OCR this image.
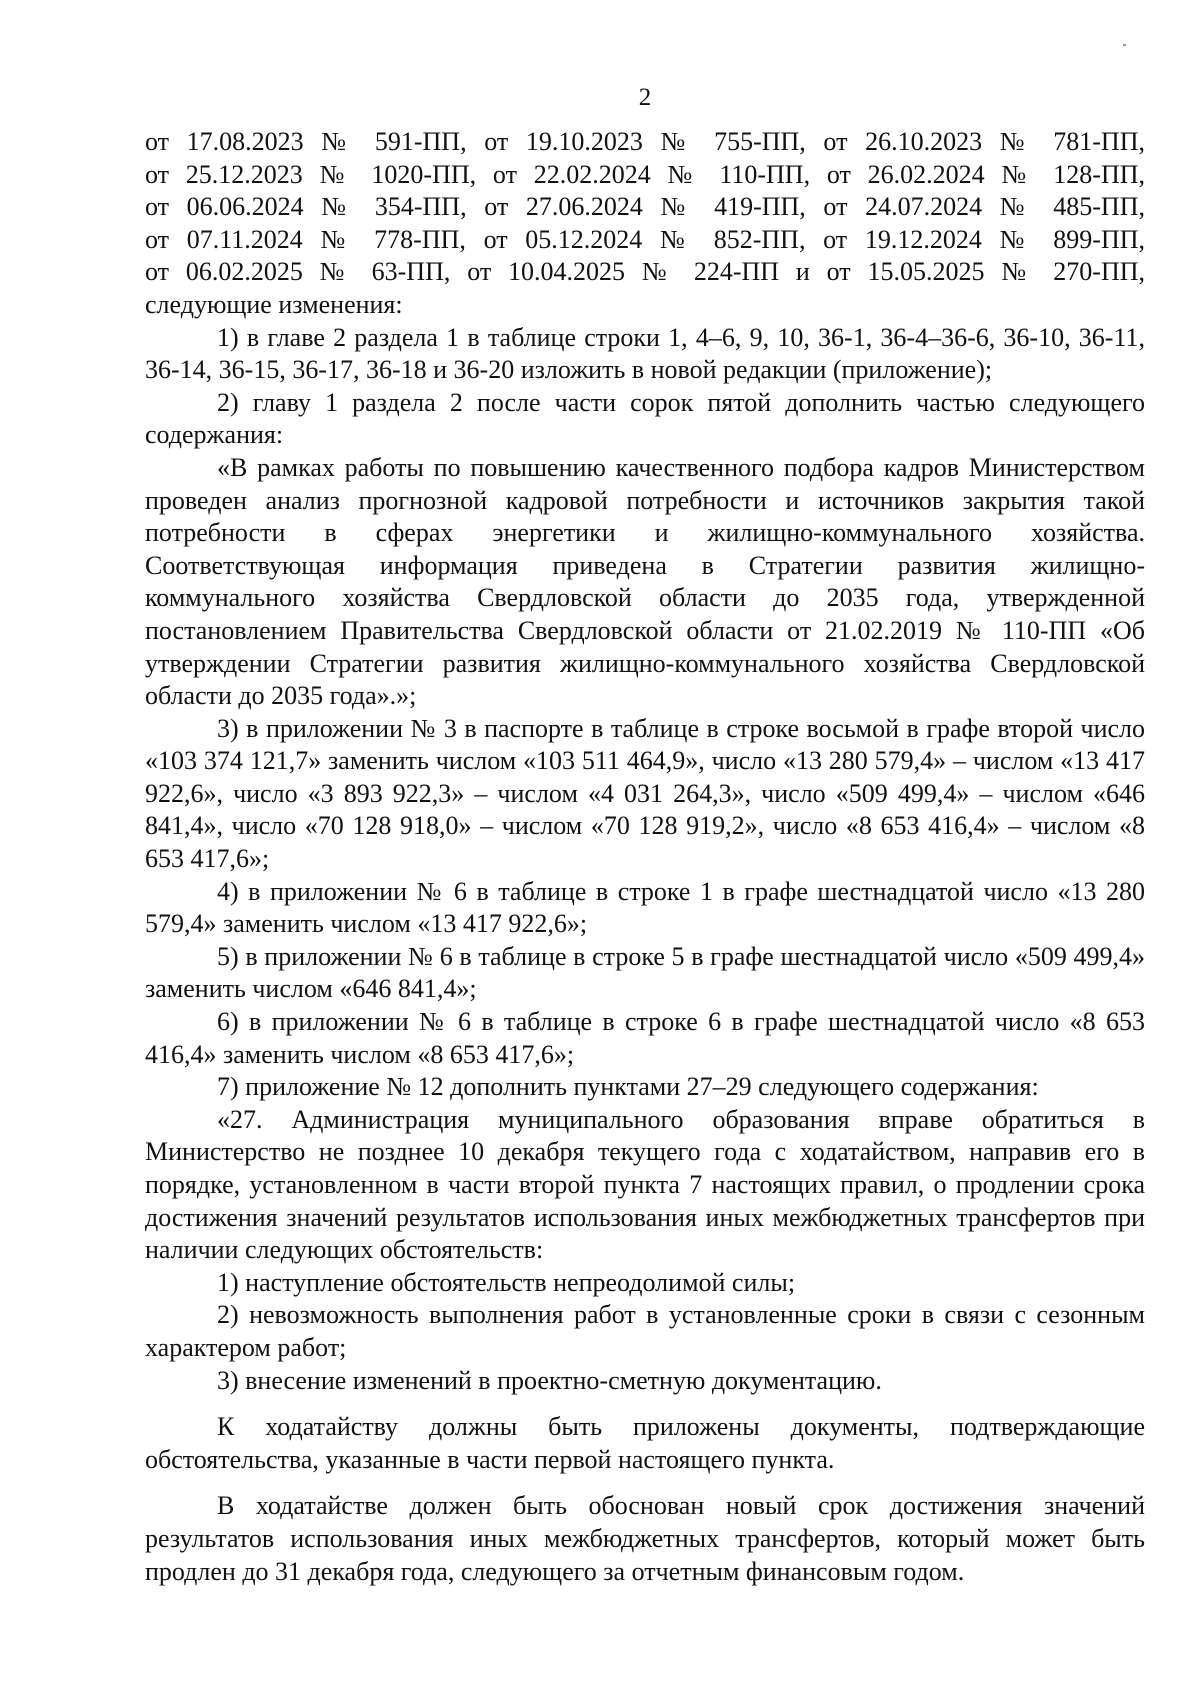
2

от 17.08.2023 № 591-ПП, от 19.10.2023 № 755-ПП, от 26.10.2023 № 781-ПП,

от 25.12.2023 № 1020-ПП, от 22.02.2024 № 110-ПП, от 26.02.2024 № 128-ПП,

от 06.06.2024 № 354-ПП, от 27.06.2024 № 419-ПП, от 24.07.2024 № 485-ПП,

от 07.11.2024 № 778-ПП, от 05.12.2024 № 852-ПП, от 19.12.2024 № 899-ПП,

от 06.02.2025 № 63-ПП, от 10.04.2025 № 224-ПП и от 15.05.2025 № 270-ПП,

следующие изменения:

1) в главе 2 раздела 1 в таблице строки 1, 4–6, 9, 10, 36-1, 36-4–36-6, 36-10, 36-11, 36-14, 36-15, 36-17, 36-18 и 36-20 изложить в новой редакции (приложение);

2) главу 1 раздела 2 после части сорок пятой дополнить частью следующего содержания:

«В рамках работы по повышению качественного подбора кадров Министерством проведен анализ прогнозной кадровой потребности и источников закрытия такой потребности в сферах энергетики и жилищно-коммунального хозяйства. Соответствующая информация приведена в Стратегии развития жилищно-коммунального хозяйства Свердловской области до 2035 года, утвержденной постановлением Правительства Свердловской области от 21.02.2019 № 110-ПП «Об утверждении Стратегии развития жилищно-коммунального хозяйства Свердловской области до 2035 года».»;

3) в приложении № 3 в паспорте в таблице в строке восьмой в графе второй число «103 374 121,7» заменить числом «103 511 464,9», число «13 280 579,4» – числом «13 417 922,6», число «3 893 922,3» – числом «4 031 264,3», число «509 499,4» – числом «646 841,4», число «70 128 918,0» – числом «70 128 919,2», число «8 653 416,4» – числом «8 653 417,6»;

4) в приложении № 6 в таблице в строке 1 в графе шестнадцатой число «13 280 579,4» заменить числом «13 417 922,6»;

5) в приложении № 6 в таблице в строке 5 в графе шестнадцатой число «509 499,4» заменить числом «646 841,4»;

6) в приложении № 6 в таблице в строке 6 в графе шестнадцатой число «8 653 416,4» заменить числом «8 653 417,6»;

7) приложение № 12 дополнить пунктами 27–29 следующего содержания:

«27. Администрация муниципального образования вправе обратиться в Министерство не позднее 10 декабря текущего года с ходатайством, направив его в порядке, установленном в части второй пункта 7 настоящих правил, о продлении срока достижения значений результатов использования иных межбюджетных трансфертов при наличии следующих обстоятельств:

1) наступление обстоятельств непреодолимой силы;

2) невозможность выполнения работ в установленные сроки в связи с сезонным характером работ;

3) внесение изменений в проектно-сметную документацию.

К ходатайству должны быть приложены документы, подтверждающие обстоятельства, указанные в части первой настоящего пункта.

В ходатайстве должен быть обоснован новый срок достижения значений результатов использования иных межбюджетных трансфертов, который может быть продлен до 31 декабря года, следующего за отчетным финансовым годом.
